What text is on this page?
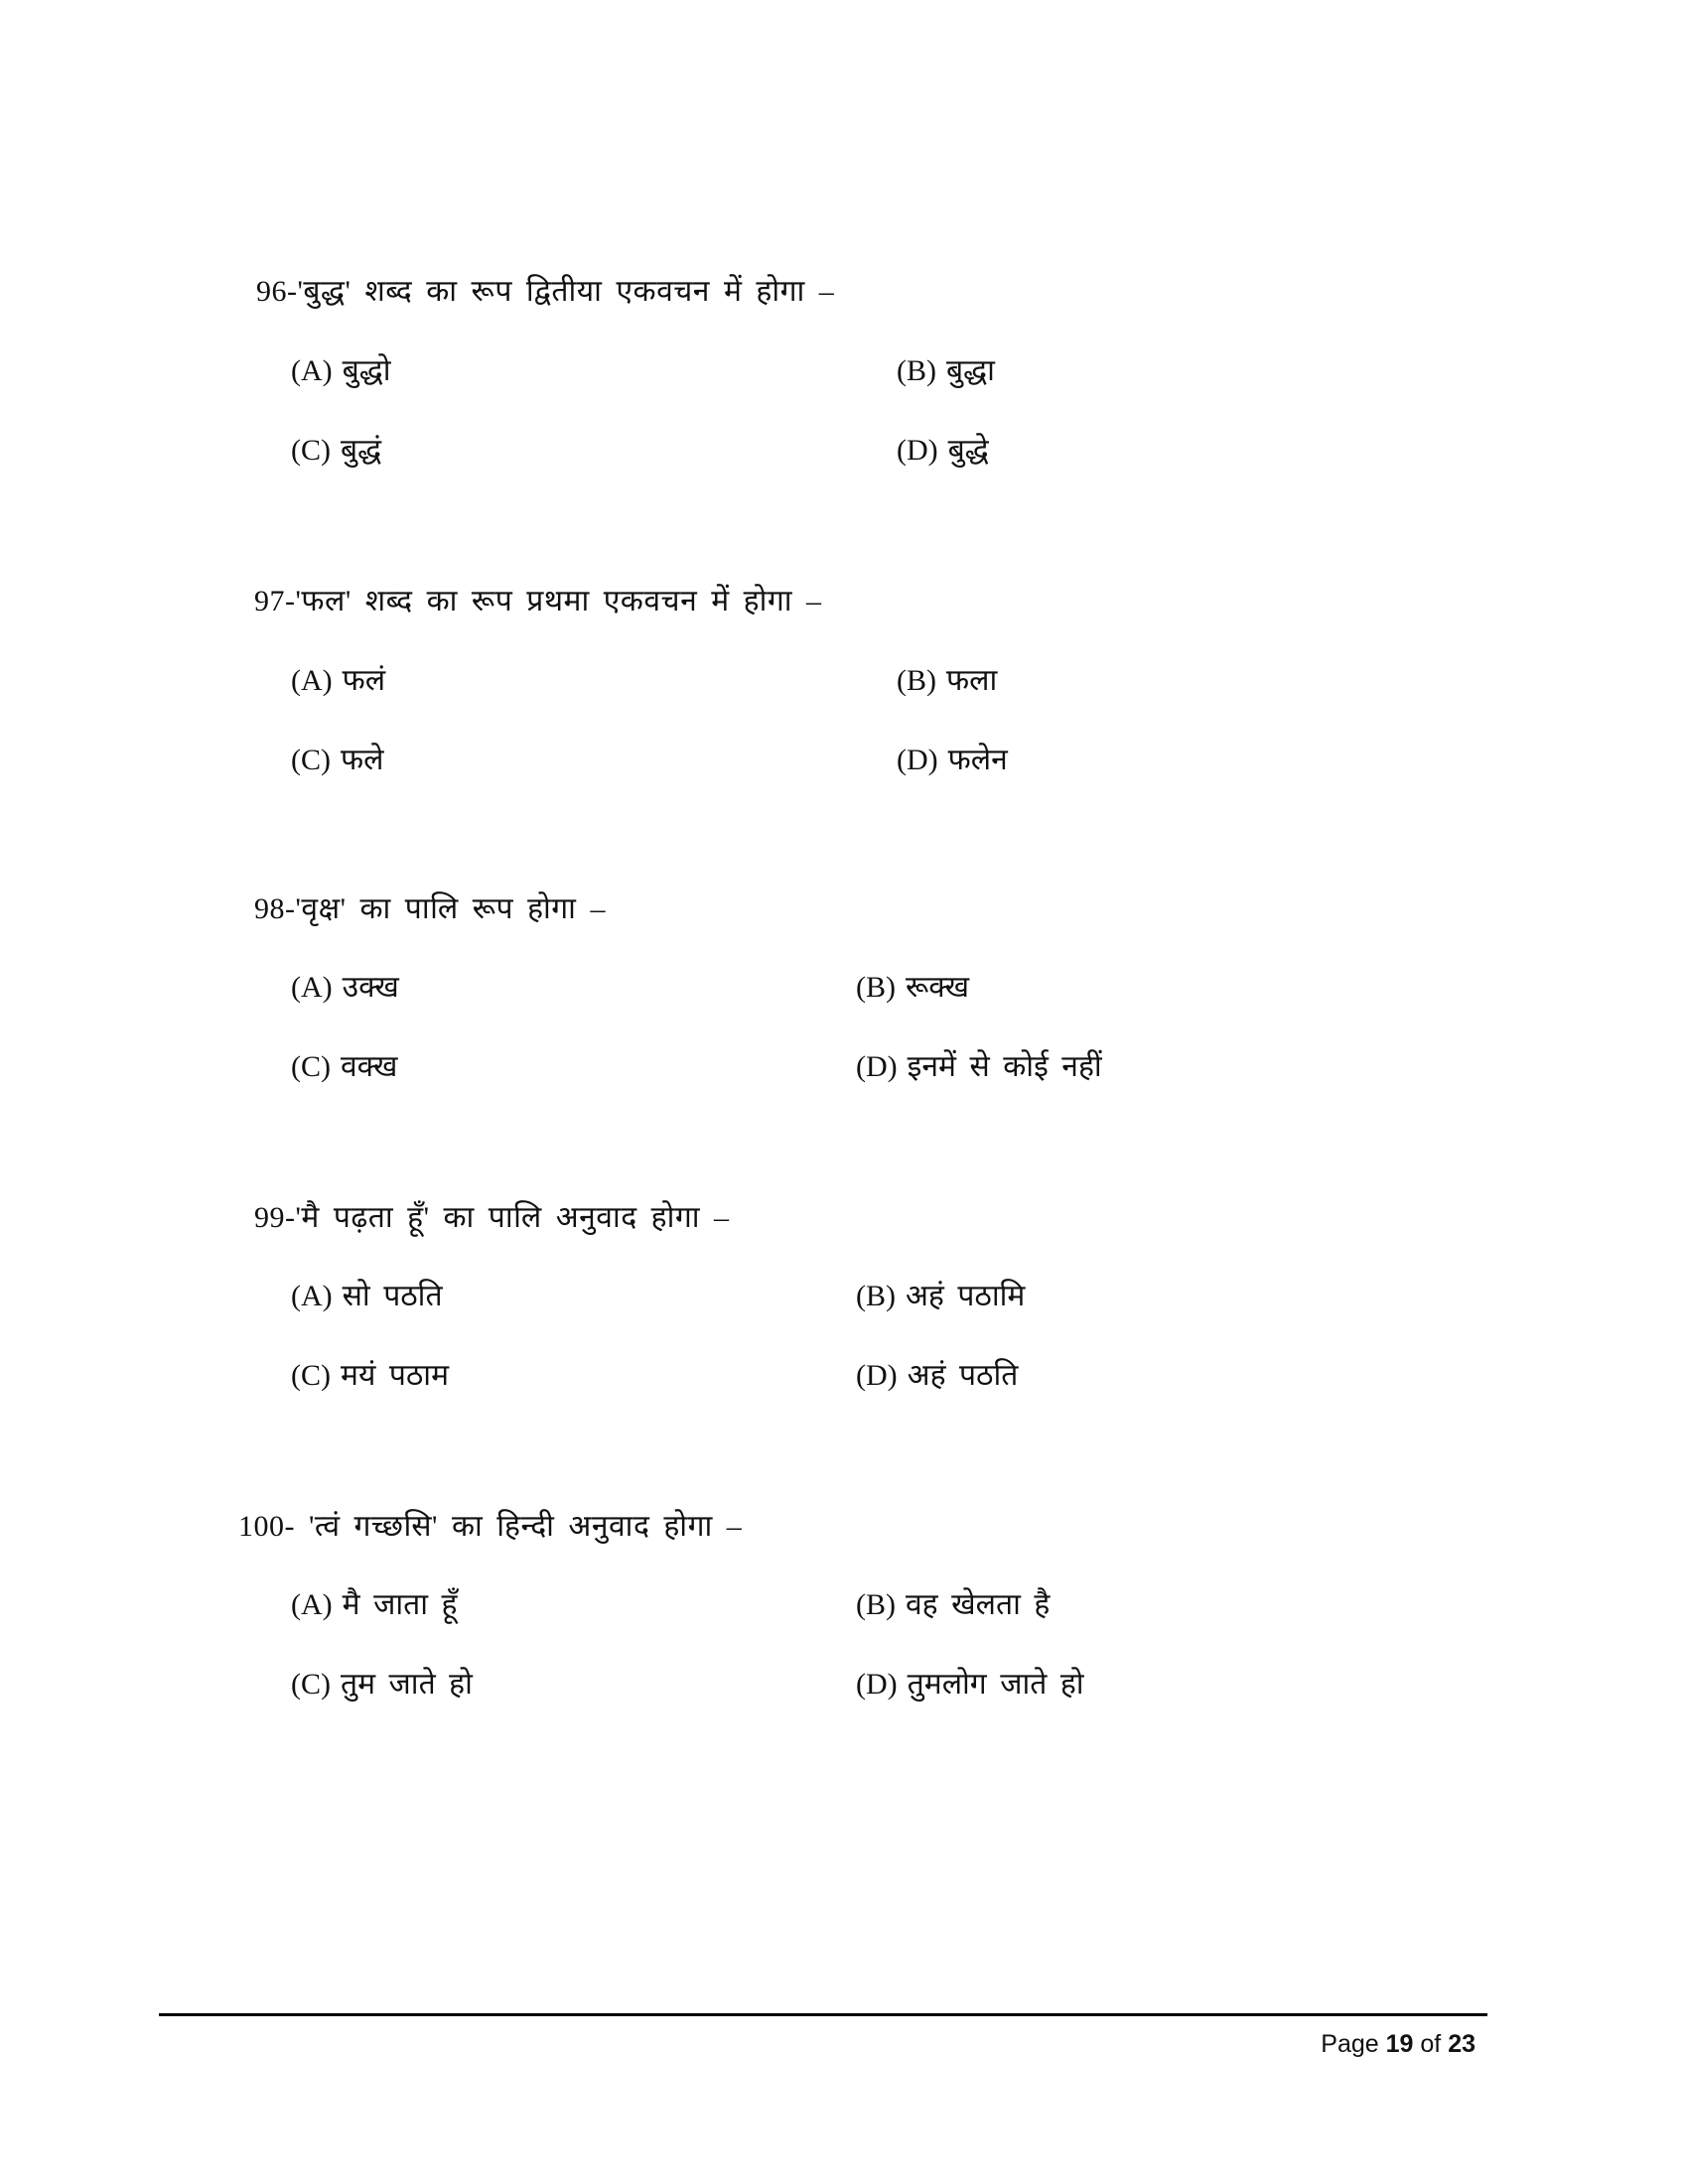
96-'बुद्ध' शब्द का रूप द्वितीया एकवचन में होगा –
(A) बुद्धो	(B) बुद्धा
(C) बुद्धं	(D) बुद्धे
97-'फल' शब्द का रूप प्रथमा एकवचन में होगा –
(A) फलं	(B) फला
(C) फले	(D) फलेन
98-'वृक्ष' का पालि रूप होगा –
(A) उक्ख	(B) रूक्ख
(C) वक्ख	(D) इनमें से कोई नहीं
99-'मै पढ़ता हूँ' का पालि अनुवाद होगा –
(A) सो पठति	(B) अहं पठामि
(C) मयं पठाम	(D) अहं पठति
100- 'त्वं गच्छसि' का हिन्दी अनुवाद होगा –
(A) मै जाता हूँ	(B) वह खेलता है
(C) तुम जाते हो	(D) तुमलोग जाते हो
Page 19 of 23
